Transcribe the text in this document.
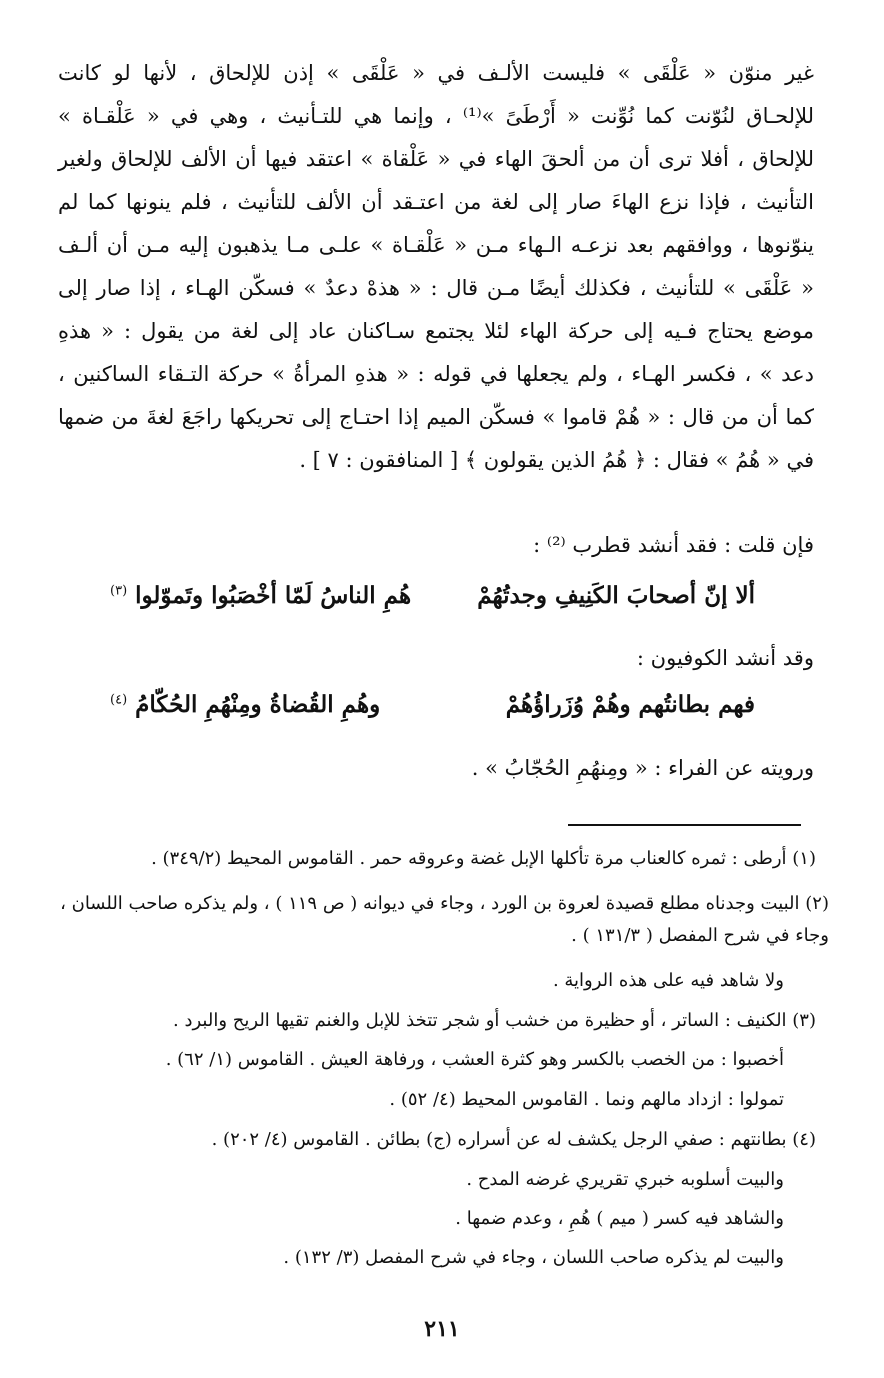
غير منوّن « عَلْقَى » فليست الألـف في « عَلْقَى » إذن للإلحاق ، لأنها لو كانت
للإلحـاق لنُوّنت كما نُوِّنت « أَرْطَىً »⁽¹⁾ ، وإنما هي للتـأنيث ، وهي في « عَلْقـاة »
للإلحاق ، أفلا ترى أن من ألحقَ الهاء في « عَلْقاة » اعتقد فيها أن الألف للإلحاق ولغير
التأنيث ، فإذا نزع الهاءَ صار إلى لغة من اعتـقد أن الألف للتأنيث ، فلم ينونها كما لم
ينوّنوها ، ووافقهم بعد نزعـه الـهاء مـن « عَلْقـاة » علـى مـا يذهبون إليه مـن أن ألـف
« عَلْقَى » للتأنيث ، فكذلك أيضًا مـن قال : « هذهْ دعدٌ » فسكّن الهـاء ، إذا صار إلى
موضع يحتاج فـيه إلى حركة الهاء لئلا يجتمع سـاكنان عاد إلى لغة من يقول : « هذهِ
دعد » ، فكسر الهـاء ، ولم يجعلها في قوله : « هذهِ المرأةُ » حركة التـقاء الساكنين ،
كما أن من قال : « هُمْ قاموا » فسكّن الميم إذا احتـاج إلى تحريكها راجَعَ لغةَ من ضمها
في « هُمُ » فقال : ﴿ هُمُ الذين يقولون ﴾ [ المنافقون : ٧ ] .
فإن قلت : فقد أنشد قطرب ⁽²⁾ :
ألا إنّ أصحابَ الكَنِيفِ وجدتُهُمْ
هُمِ الناسُ لَمّا أخْصَبُوا وتَموّلوا $^{(٣)}$
وقد أنشد الكوفيون :
فهم بطانتُهم وهُمْ وُزَراؤُهُمْ
وهُمِ القُضاةُ ومِنْهُمِ الحُكّامُ $^{(٤)}$
ورويته عن الفراء : « ومِنهُمِ الحُجّابُ » .
(١) أرطى : ثمره كالعناب مرة تأكلها الإبل غضة وعروقه حمر . القاموس المحيط (٣٤٩/٢) .
(٢) البيت وجدناه مطلع قصيدة لعروة بن الورد ، وجاء في ديوانه ( ص ١١٩ ) ، ولم يذكره صاحب اللسان ، وجاء في شرح المفصل ( ١٣١/٣ ) .
ولا شاهد فيه على هذه الرواية .
(٣) الكنيف : الساتر ، أو حظيرة من خشب أو شجر تتخذ للإبل والغنم تقيها الريح والبرد .
أخصبوا : من الخصب بالكسر وهو كثرة العشب ، ورفاهة العيش . القاموس (١/ ٦٢) .
تمولوا : ازداد مالهم ونما . القاموس المحيط (٤/ ٥٢) .
(٤) بطانتهم : صفي الرجل يكشف له عن أسراره (ج) بطائن . القاموس (٤/ ٢٠٢) .
والبيت أسلوبه خبري تقريري غرضه المدح .
والشاهد فيه كسر ( ميم ) هُمِ ، وعدم ضمها .
والبيت لم يذكره صاحب اللسان ، وجاء في شرح المفصل (٣/ ١٣٢) .
٢١١
